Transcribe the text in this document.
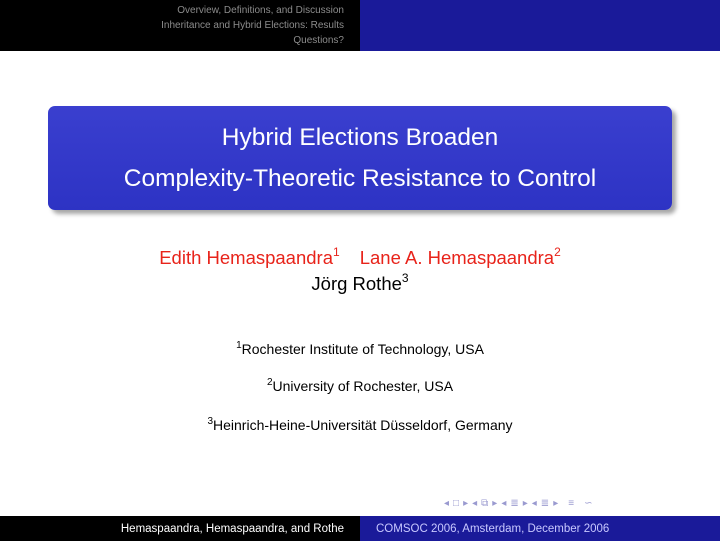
Overview, Definitions, and Discussion
Inheritance and Hybrid Elections: Results
Questions?
Hybrid Elections Broaden
Complexity-Theoretic Resistance to Control
Edith Hemaspaandra$^1$ Lane A. Hemaspaandra$^2$
Jörg Rothe$^3$
$^1$Rochester Institute of Technology, USA
$^2$University of Rochester, USA
$^3$Heinrich-Heine-Universität Düsseldorf, Germany
◂ □ ▸ ◂ ⧉ ▸ ◂ ≣ ▸ ◂ ≣ ▸ ≡ ∽
Hemaspaandra, Hemaspaandra, and Rothe	COMSOC 2006, Amsterdam, December 2006
